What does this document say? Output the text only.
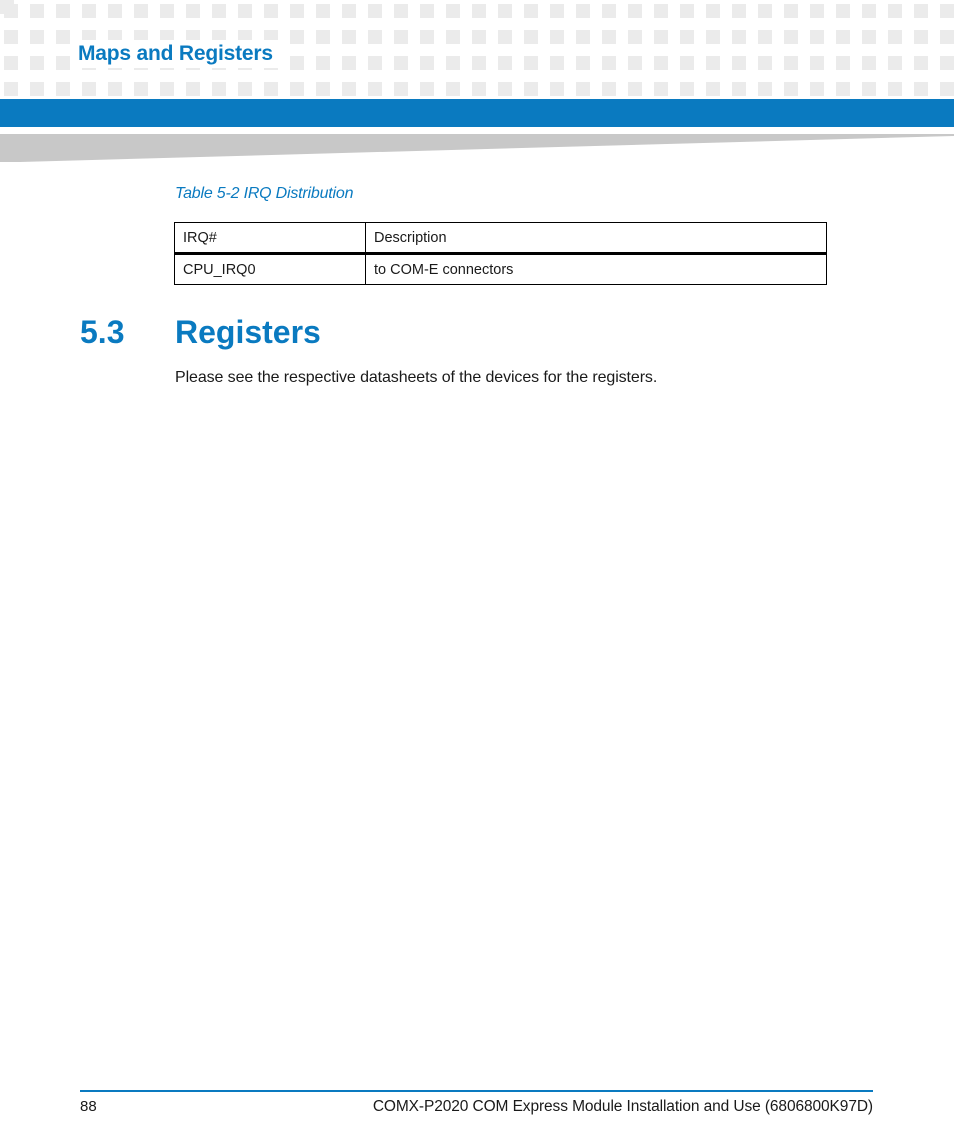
Maps and Registers
Table 5-2 IRQ Distribution
IRQ#	Description
CPU_IRQ0	to COM-E connectors
5.3 Registers

Please see the respective datasheets of the devices for the registers.

88	COMX-P2020 COM Express Module Installation and Use (6806800K97D)
